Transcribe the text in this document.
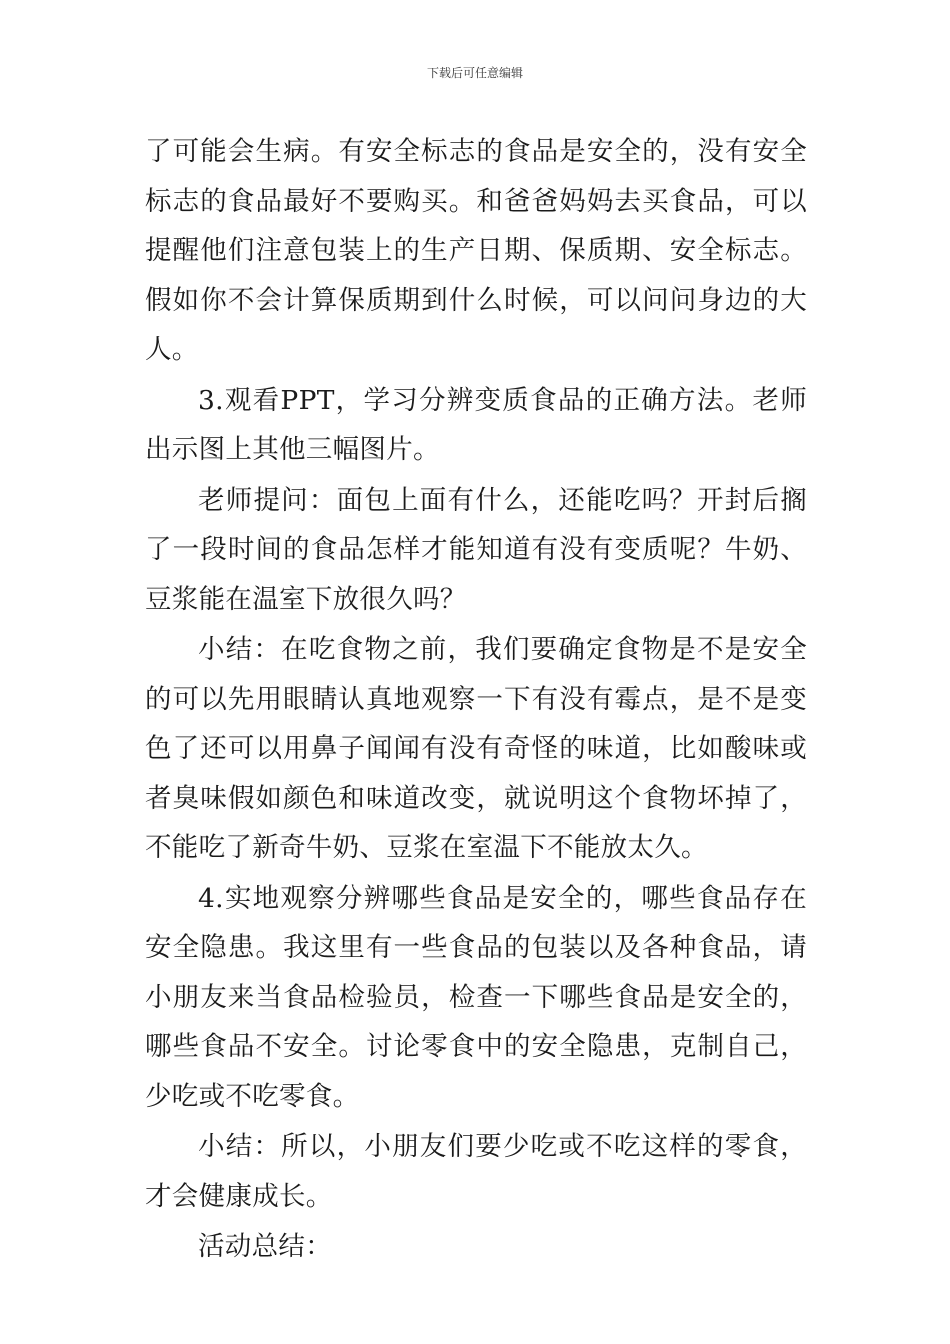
下载后可任意编辑

了可能会生病。有安全标志的食品是安全的，没有安全标志的食品最好不要购买。和爸爸妈妈去买食品，可以提醒他们注意包装上的生产日期、保质期、安全标志。假如你不会计算保质期到什么时候，可以问问身边的大人。

3.观看PPT，学习分辨变质食品的正确方法。老师出示图上其他三幅图片。

老师提问：面包上面有什么，还能吃吗？开封后搁了一段时间的食品怎样才能知道有没有变质呢？牛奶、豆浆能在温室下放很久吗？

小结：在吃食物之前，我们要确定食物是不是安全的可以先用眼睛认真地观察一下有没有霉点，是不是变色了还可以用鼻子闻闻有没有奇怪的味道，比如酸味或者臭味假如颜色和味道改变，就说明这个食物坏掉了，不能吃了新奇牛奶、豆浆在室温下不能放太久。

4.实地观察分辨哪些食品是安全的，哪些食品存在安全隐患。我这里有一些食品的包装以及各种食品，请小朋友来当食品检验员，检查一下哪些食品是安全的，哪些食品不安全。讨论零食中的安全隐患，克制自己，少吃或不吃零食。

小结：所以，小朋友们要少吃或不吃这样的零食，才会健康成长。

活动总结：
